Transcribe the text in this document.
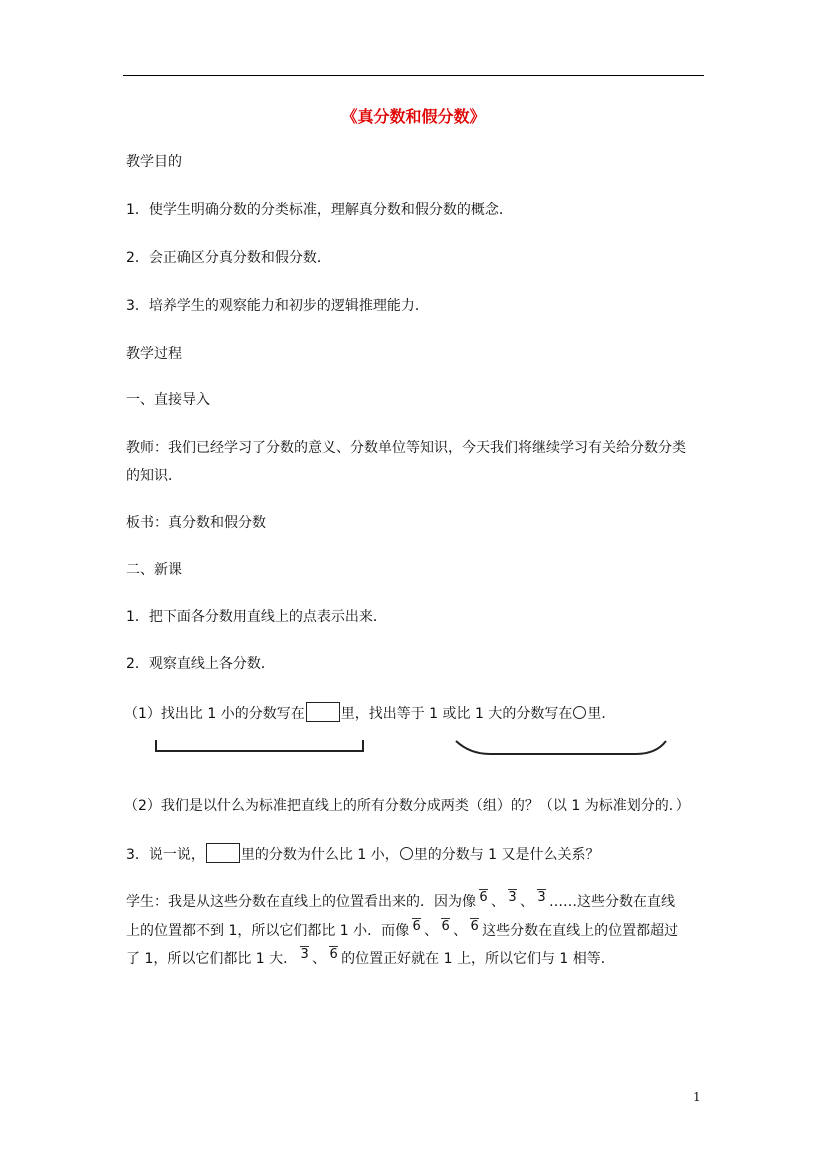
《真分数和假分数》
教学目的
1．使学生明确分数的分类标准，理解真分数和假分数的概念．
2．会正确区分真分数和假分数．
3．培养学生的观察能力和初步的逻辑推理能力．
教学过程
一、直接导入
教师：我们已经学习了分数的意义、分数单位等知识，今天我们将继续学习有关给分数分类
的知识．
板书：真分数和假分数
二、新课
1．把下面各分数用直线上的点表示出来．
2．观察直线上各分数．
（1）找出比 1 小的分数写在	里，找出等于 1 或比 1 大的分数写在 里．
（2）我们是以什么为标准把直线上的所有分数分成两类（组）的？（以 1 为标准划分的．）
3．说一说，	里的分数为什么比 1 小， 里的分数与 1 又是什么关系？
学生：我是从这些分数在直线上的位置看出来的．因为像 6 、 3 、 3 ……这些分数在直线
上的位置都不到 1，所以它们都比 1 小．而像 6 、 6 、 6 这些分数在直线上的位置都超过
了 1，所以它们都比 1 大． 3 、 6 的位置正好就在 1 上，所以它们与 1 相等．
1
